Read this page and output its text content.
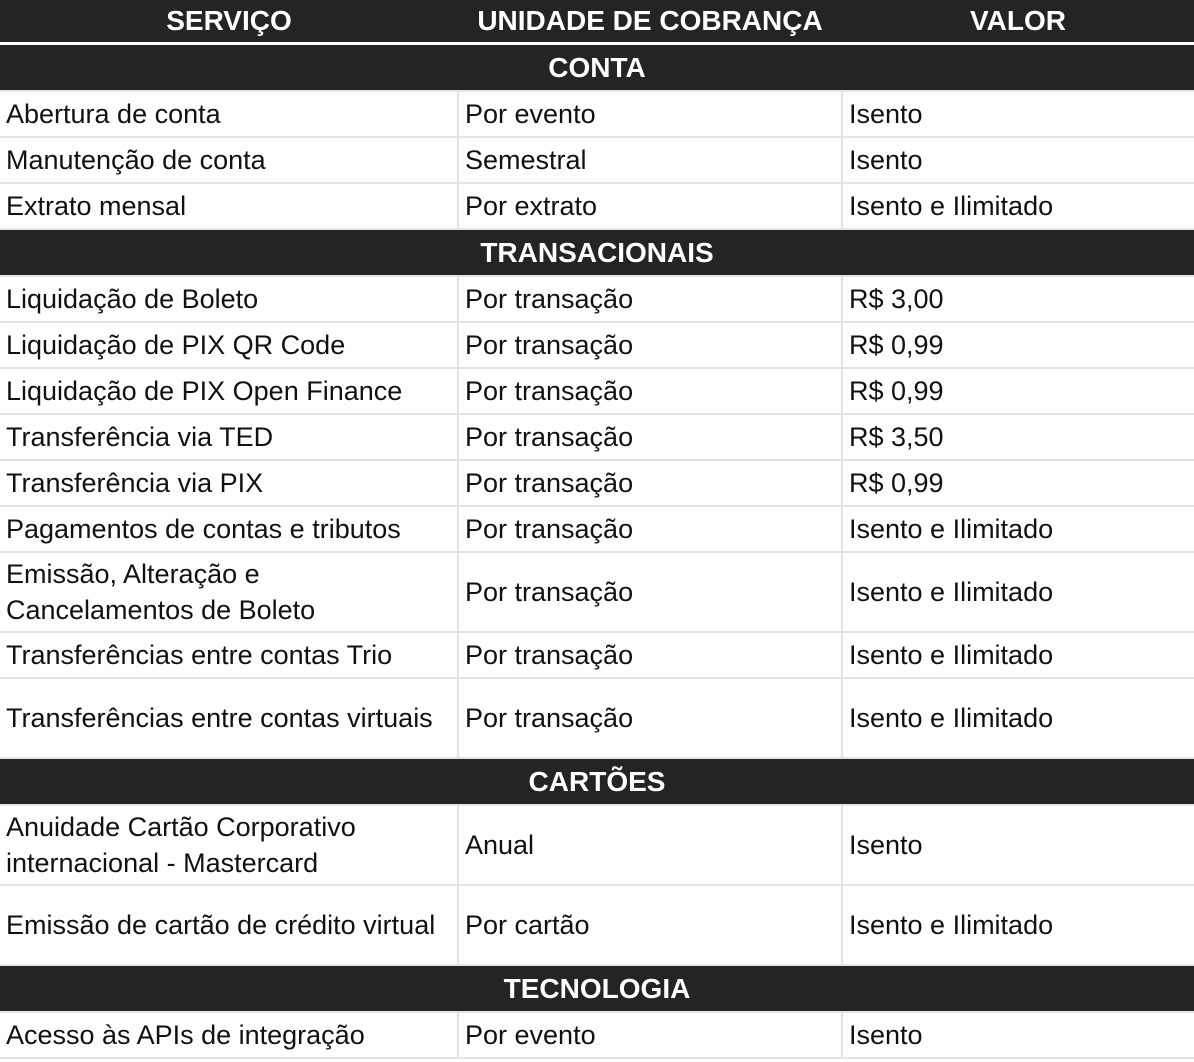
SERVIÇO	UNIDADE DE COBRANÇA	VALOR
CONTA		
Abertura de conta	Por evento	Isento
Manutenção de conta	Semestral	Isento
Extrato mensal	Por extrato	Isento e Ilimitado
TRANSACIONAIS		
Liquidação de Boleto	Por transação	R$ 3,00
Liquidação de PIX QR Code	Por transação	R$ 0,99
Liquidação de PIX Open Finance	Por transação	R$ 0,99
Transferência via TED	Por transação	R$ 3,50
Transferência via PIX	Por transação	R$ 0,99
Pagamentos de contas e tributos	Por transação	Isento e Ilimitado
Emissão, Alteração e Cancelamentos de Boleto	Por transação	Isento e Ilimitado
Transferências entre contas Trio	Por transação	Isento e Ilimitado
Transferências entre contas virtuais	Por transação	Isento e Ilimitado
CARTÕES		
Anuidade Cartão Corporativo internacional - Mastercard	Anual	Isento
Emissão de cartão de crédito virtual	Por cartão	Isento e Ilimitado
TECNOLOGIA		
Acesso às APIs de integração	Por evento	Isento
